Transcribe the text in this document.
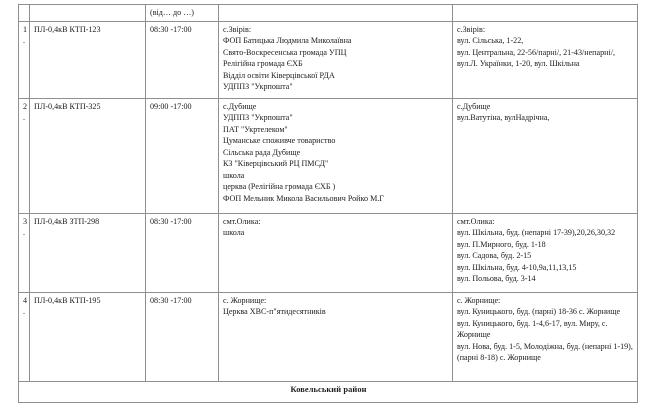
		(від… до …)		
1.	ПЛ-0,4кВ КТП-123	08:30 -17:00	с.Звірів:
ФОП Батицька Людмила Миколаївна
Свято-Воскресенська громада УПЦ
Релігійна громада ЄХБ
Відділ освіти Ківерцівської РДА
УДППЗ "Укрпошта"

с.Звірів:
вул. Сільська, 1-22,
вул. Центральна, 22-56/парні/, 21-43/непарні/,
вул.Л. Українки, 1-20, вул. Шкільна

2.	ПЛ-0,4кВ КТП-325	09:00 -17:00	с.Дубище
УДППЗ "Укрпошта"
ПАТ "Укртелеком"
Цуманське споживче товариство
Сільська рада Дубище
КЗ "Ківерцівський РЦ ПМСД"
школа
церква (Релігійна громада ЄХБ )
ФОП Мельник Микола Васильович Ройко М.Г

с.Дубище
вул.Ватутіна, вулНадрічна,

3.	ПЛ-0,4кВ ЗТП-298	08:30 -17:00	смт.Олика:
школа

смт.Олика:
вул. Шкільна, буд. (непарні 17-39),20,26,30,32
вул. П.Мирного, буд. 1-18
вул. Садова, буд. 2-15
вул. Шкільна, буд. 4-10,9а,11,13,15
вул. Польова, буд. 3-14

4.	ПЛ-0,4кВ КТП-195	08:30 -17:00	с. Жорнище:
Церква ХВС-п"ятидесятників	с. Жорнище:
вул. Куницького, буд. (парні) 18-36 с. Жорнище
вул. Куницького, буд. 1-4,6-17, вул. Миру, с. Жорнище
вул. Нова, буд. 1-5, Молодіжна, буд. (непарні 1-19), (парні 8-18) с. Жорнище

Ковельський район				
